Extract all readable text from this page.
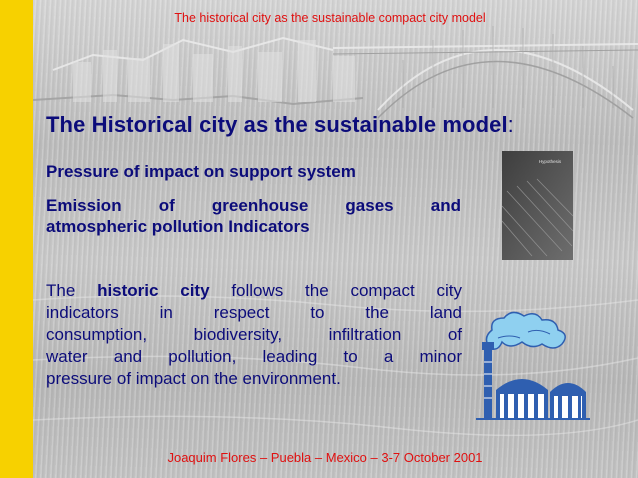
The historical city as the sustainable compact city model
The Historical city as the sustainable model:
Pressure of impact on support system
Emission of greenhouse gases and
atmospheric pollution Indicators
The historic city follows the compact city
indicators in respect to the land
consumption, biodiversity, infiltration of
water and pollution, leading to a minor
pressure of impact on the environment.
Hypothesis
Joaquim Flores – Puebla – Mexico – 3-7 October 2001
